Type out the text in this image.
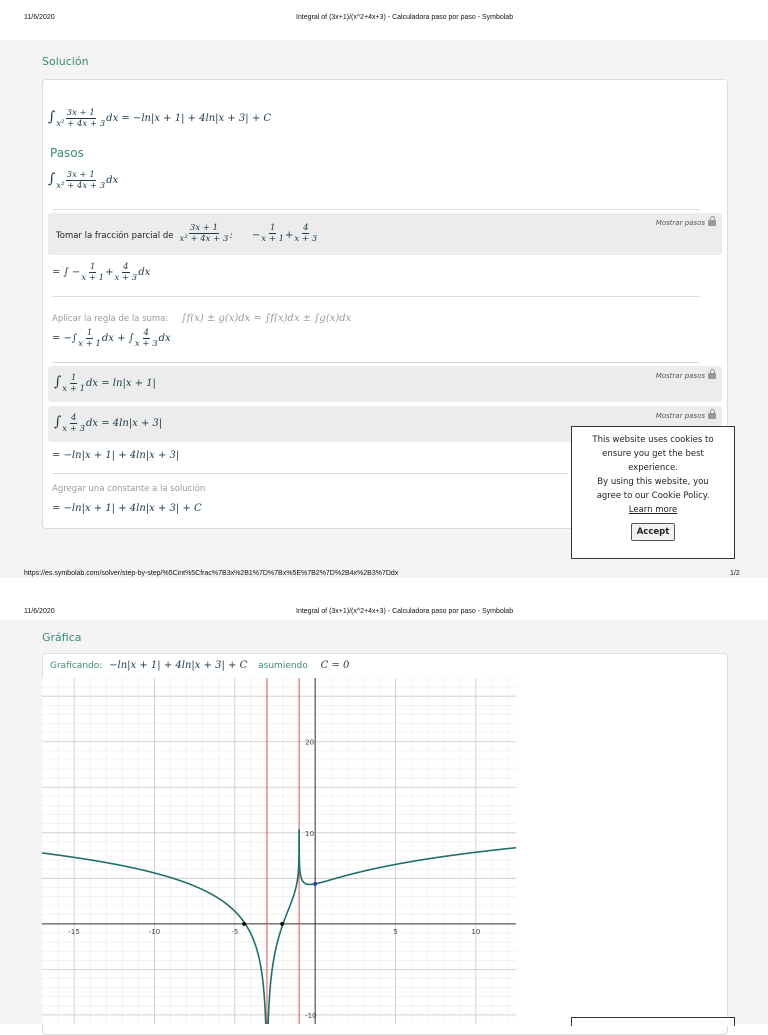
11/6/2020	Integral of (3x+1)/(x^2+4x+3) - Calculadora paso por paso - Symbolab
Solución
∫ $\frac{3x + 1}{\text{x² + 4x + 3}}$ dx = −ln|x + 1| + 4ln|x + 3| + C
Pasos
∫ $\frac{3x + 1}{\text{x² + 4x + 3}}$ dx
Tomar la fracción parcial de $\frac{3x + 1}{\text{x² + 4x + 3}}$ : − $\frac{1}{x + 1} + \frac{4}{x + 3}$	Mostrar pasos
= ∫ − $\frac{1}{x + 1} + \frac{4}{x + 3}$ dx
Aplicar la regla de la suma: ∫f(x) ± g(x)dx = ∫f(x)dx ± ∫g(x)dx
= −∫ $\frac{1}{x + 1}$ dx + ∫ $\frac{4}{x + 3}$ dx
∫ $\frac{1}{x + 1}$ dx = ln|x + 1|
Mostrar pasos
∫ $\frac{4}{x + 3}$ dx = 4ln|x + 3|
Mostrar pasos
= −ln|x + 1| + 4ln|x + 3|
Agregar una constante a la solución
= −ln|x + 1| + 4ln|x + 3| + C
This website uses cookies to
ensure you get the best
experience.
By using this website, you
agree to our Cookie Policy.
Learn more
Accept
https://es.symbolab.com/solver/step-by-step/%5Cint%5Cfrac%7B3x%2B1%7D%7Bx%5E%7B2%7D%2B4x%2B3%7Ddx	1/2
11/6/2020	Integral of (3x+1)/(x^2+4x+3) - Calculadora paso por paso - Symbolab
Gráfica
Graficando: −ln|x + 1| + 4ln|x + 3| + C asumiendo C = 0
-15	-10	-5	5	10
10
20
-10
